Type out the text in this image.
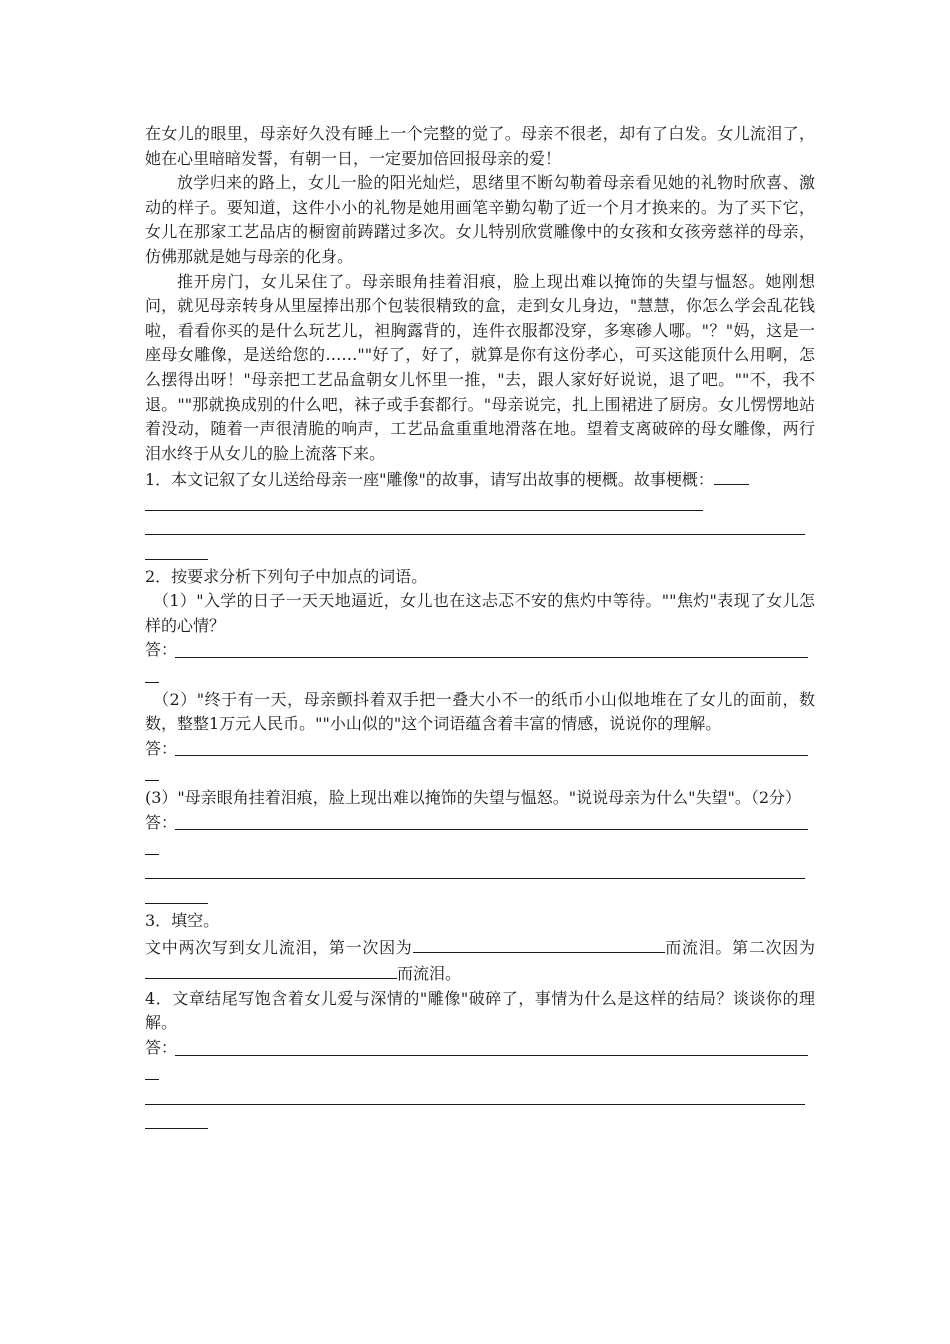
在女儿的眼里，母亲好久没有睡上一个完整的觉了。母亲不很老，却有了白发。女儿流泪了，她在心里暗暗发誓，有朝一日，一定要加倍回报母亲的爱！

放学归来的路上，女儿一脸的阳光灿烂，思绪里不断勾勒着母亲看见她的礼物时欣喜、激动的样子。要知道，这件小小的礼物是她用画笔辛勤勾勒了近一个月才换来的。为了买下它，女儿在那家工艺品店的橱窗前踌躇过多次。女儿特别欣赏雕像中的女孩和女孩旁慈祥的母亲，仿佛那就是她与母亲的化身。

推开房门，女儿呆住了。母亲眼角挂着泪痕，脸上现出难以掩饰的失望与愠怒。她刚想问，就见母亲转身从里屋捧出那个包装很精致的盒，走到女儿身边，"慧慧，你怎么学会乱花钱啦，看看你买的是什么玩艺儿，袒胸露背的，连件衣服都没穿，多寒碜人哪。"？"妈，这是一座母女雕像，是送给您的……""好了，好了，就算是你有这份孝心，可买这能顶什么用啊，怎么摆得出呀！"母亲把工艺品盒朝女儿怀里一推，"去，跟人家好好说说，退了吧。""不，我不退。""那就换成别的什么吧，袜子或手套都行。"母亲说完，扎上围裙进了厨房。女儿愣愣地站着没动，随着一声很清脆的响声，工艺品盒重重地滑落在地。望着支离破碎的母女雕像，两行泪水终于从女儿的脸上流落下来。

1．本文记叙了女儿送给母亲一座"雕像"的故事，请写出故事的梗概。故事梗概：

2．按要求分析下列句子中加点的词语。

（1）"入学的日子一天天地逼近，女儿也在这忐忑不安的焦灼中等待。""焦灼"表现了女儿怎样的心情？

答：

（2）"终于有一天，母亲颤抖着双手把一叠大小不一的纸币小山似地堆在了女儿的面前，数数，整整1万元人民币。""小山似的"这个词语蕴含着丰富的情感，说说你的理解。

答：

(3）"母亲眼角挂着泪痕，脸上现出难以掩饰的失望与愠怒。"说说母亲为什么"失望"。（2分）

答：

3．填空。

文中两次写到女儿流泪，第一次因为	而流泪。第二次因为而流泪。

4．文章结尾写饱含着女儿爱与深情的"雕像"破碎了，事情为什么是这样的结局？谈谈你的理解。

答：
